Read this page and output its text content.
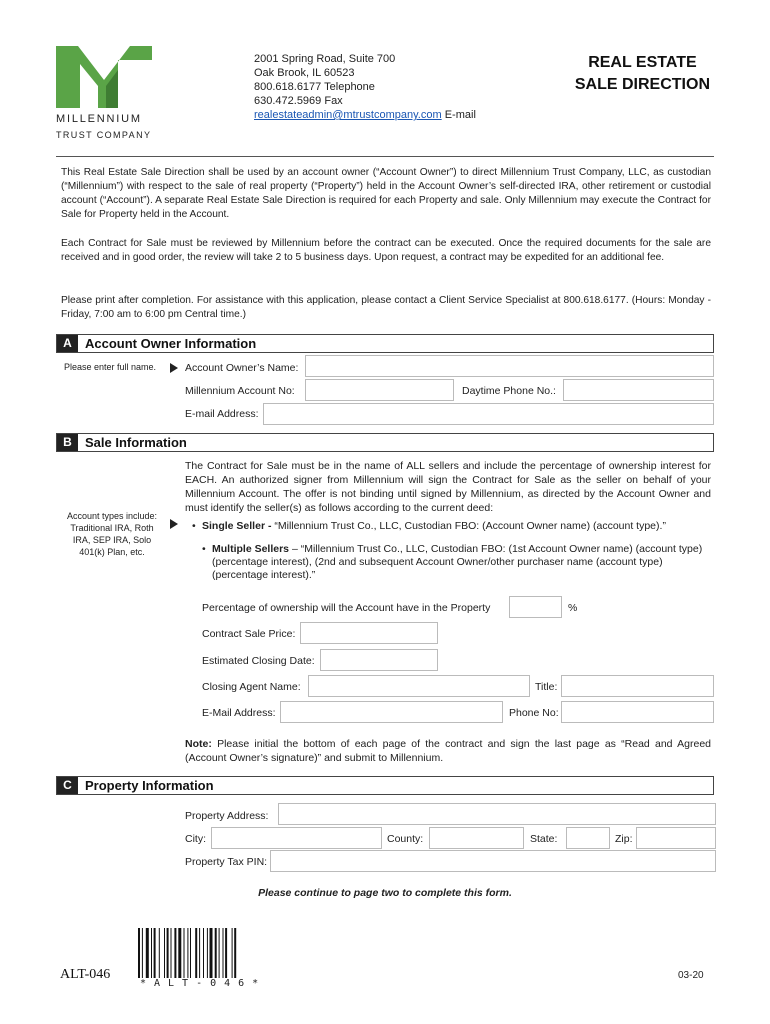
MILLENNIUM
TRUST COMPANY
2001 Spring Road, Suite 700
Oak Brook, IL 60523
800.618.6177 Telephone
630.472.5969 Fax
realestateadmin@mtrustcompany.com E-mail
REAL ESTATE
SALE DIRECTION
This Real Estate Sale Direction shall be used by an account owner (“Account Owner”) to direct Millennium Trust Company, LLC, as custodian (“Millennium”) with respect to the sale of real property (“Property”) held in the Account Owner’s self-directed IRA, other retirement or custodial account (“Account”). A separate Real Estate Sale Direction is required for each Property and sale. Only Millennium may execute the Contract for Sale for Property held in the Account.
Each Contract for Sale must be reviewed by Millennium before the contract can be executed. Once the required documents for the sale are received and in good order, the review will take 2 to 5 business days. Upon request, a contract may be expedited for an additional fee.
Please print after completion. For assistance with this application, please contact a Client Service Specialist at 800.618.6177. (Hours: Monday - Friday, 7:00 am to 6:00 pm Central time.)
A	Account Owner Information
Please enter full name.	Account Owner’s Name:
Millennium Account No:	Daytime Phone No.:
E-mail Address:
B	Sale Information
The Contract for Sale must be in the name of ALL sellers and include the percentage of ownership interest for EACH. An authorized signer from Millennium will sign the Contract for Sale as the seller on behalf of your Millennium Account. The offer is not binding until signed by Millennium, as directed by the Account Owner and must identify the seller(s) as follows according to the current deed:
Account types include:
Traditional IRA, Roth
IRA, SEP IRA, Solo
401(k) Plan, etc.
• Single Seller - “Millennium Trust Co., LLC, Custodian FBO: (Account Owner name) (account type).”
• Multiple Sellers – “Millennium Trust Co., LLC, Custodian FBO: (1st Account Owner name) (account type) (percentage interest), (2nd and subsequent Account Owner/other purchaser name (account type) (percentage interest).”
Percentage of ownership will the Account have in the Property	%
Contract Sale Price:
Estimated Closing Date:
Closing Agent Name:	Title:
E-Mail Address:	Phone No:
Note: Please initial the bottom of each page of the contract and sign the last page as “Read and Agreed (Account Owner’s signature)” and submit to Millennium.
C	Property Information
Property Address:
City:	County:	State:	Zip:
Property Tax PIN:
Please continue to page two to complete this form.
ALT-046
*ALT-046*
03-20
